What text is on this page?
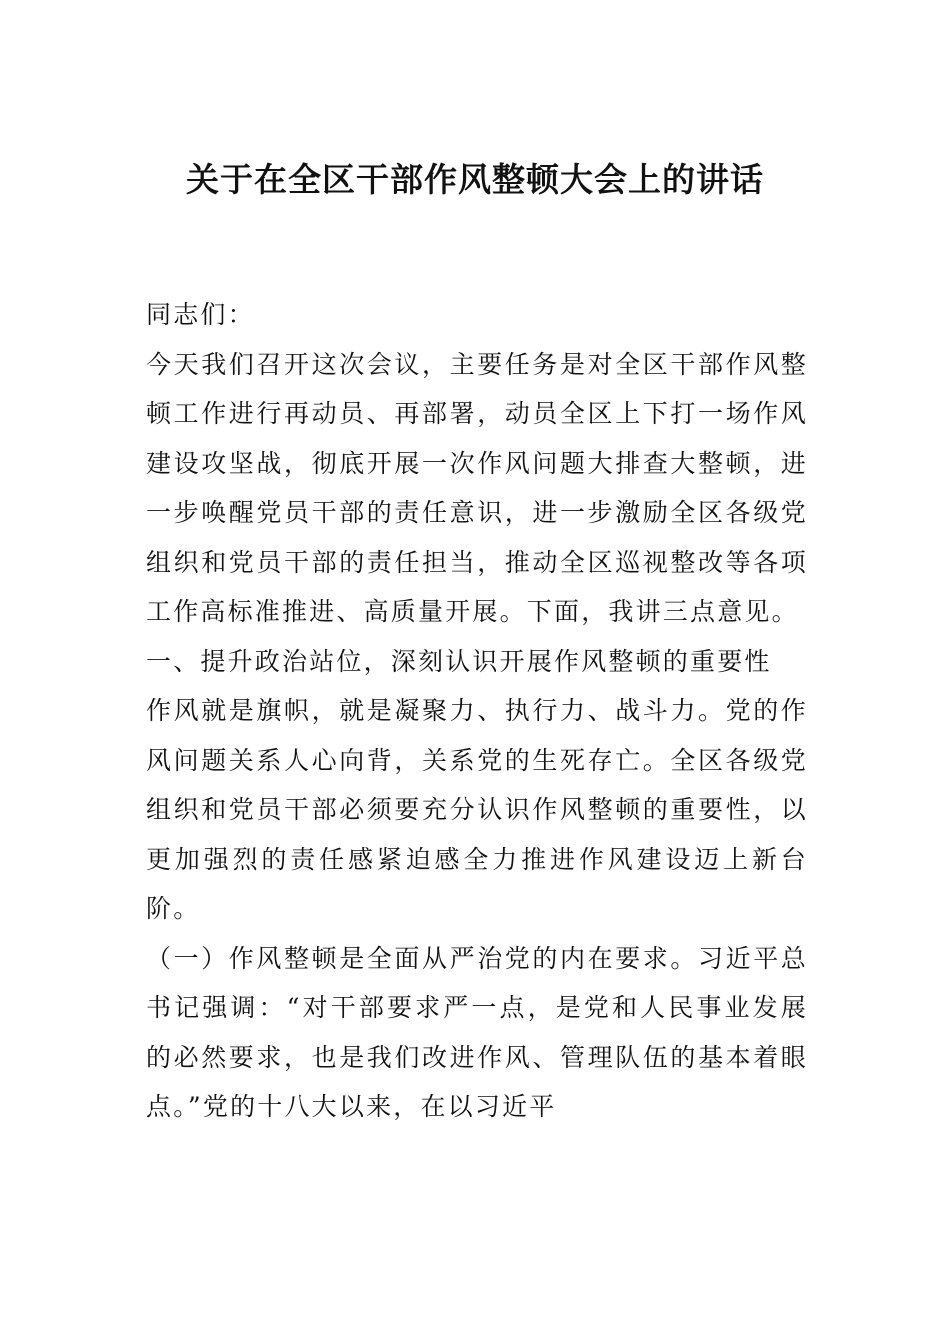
关于在全区干部作风整顿大会上的讲话

同志们：

今天我们召开这次会议，主要任务是对全区干部作风整顿工作进行再动员、再部署，动员全区上下打一场作风建设攻坚战，彻底开展一次作风问题大排查大整顿，进一步唤醒党员干部的责任意识，进一步激励全区各级党组织和党员干部的责任担当，推动全区巡视整改等各项工作高标准推进、高质量开展。下面，我讲三点意见。

一、提升政治站位，深刻认识开展作风整顿的重要性

作风就是旗帜，就是凝聚力、执行力、战斗力。党的作风问题关系人心向背，关系党的生死存亡。全区各级党组织和党员干部必须要充分认识作风整顿的重要性，以更加强烈的责任感紧迫感全力推进作风建设迈上新台阶。

（一）作风整顿是全面从严治党的内在要求。习近平总书记强调：“对干部要求严一点，是党和人民事业发展的必然要求，也是我们改进作风、管理队伍的基本着眼点。”党的十八大以来，在以习近平
